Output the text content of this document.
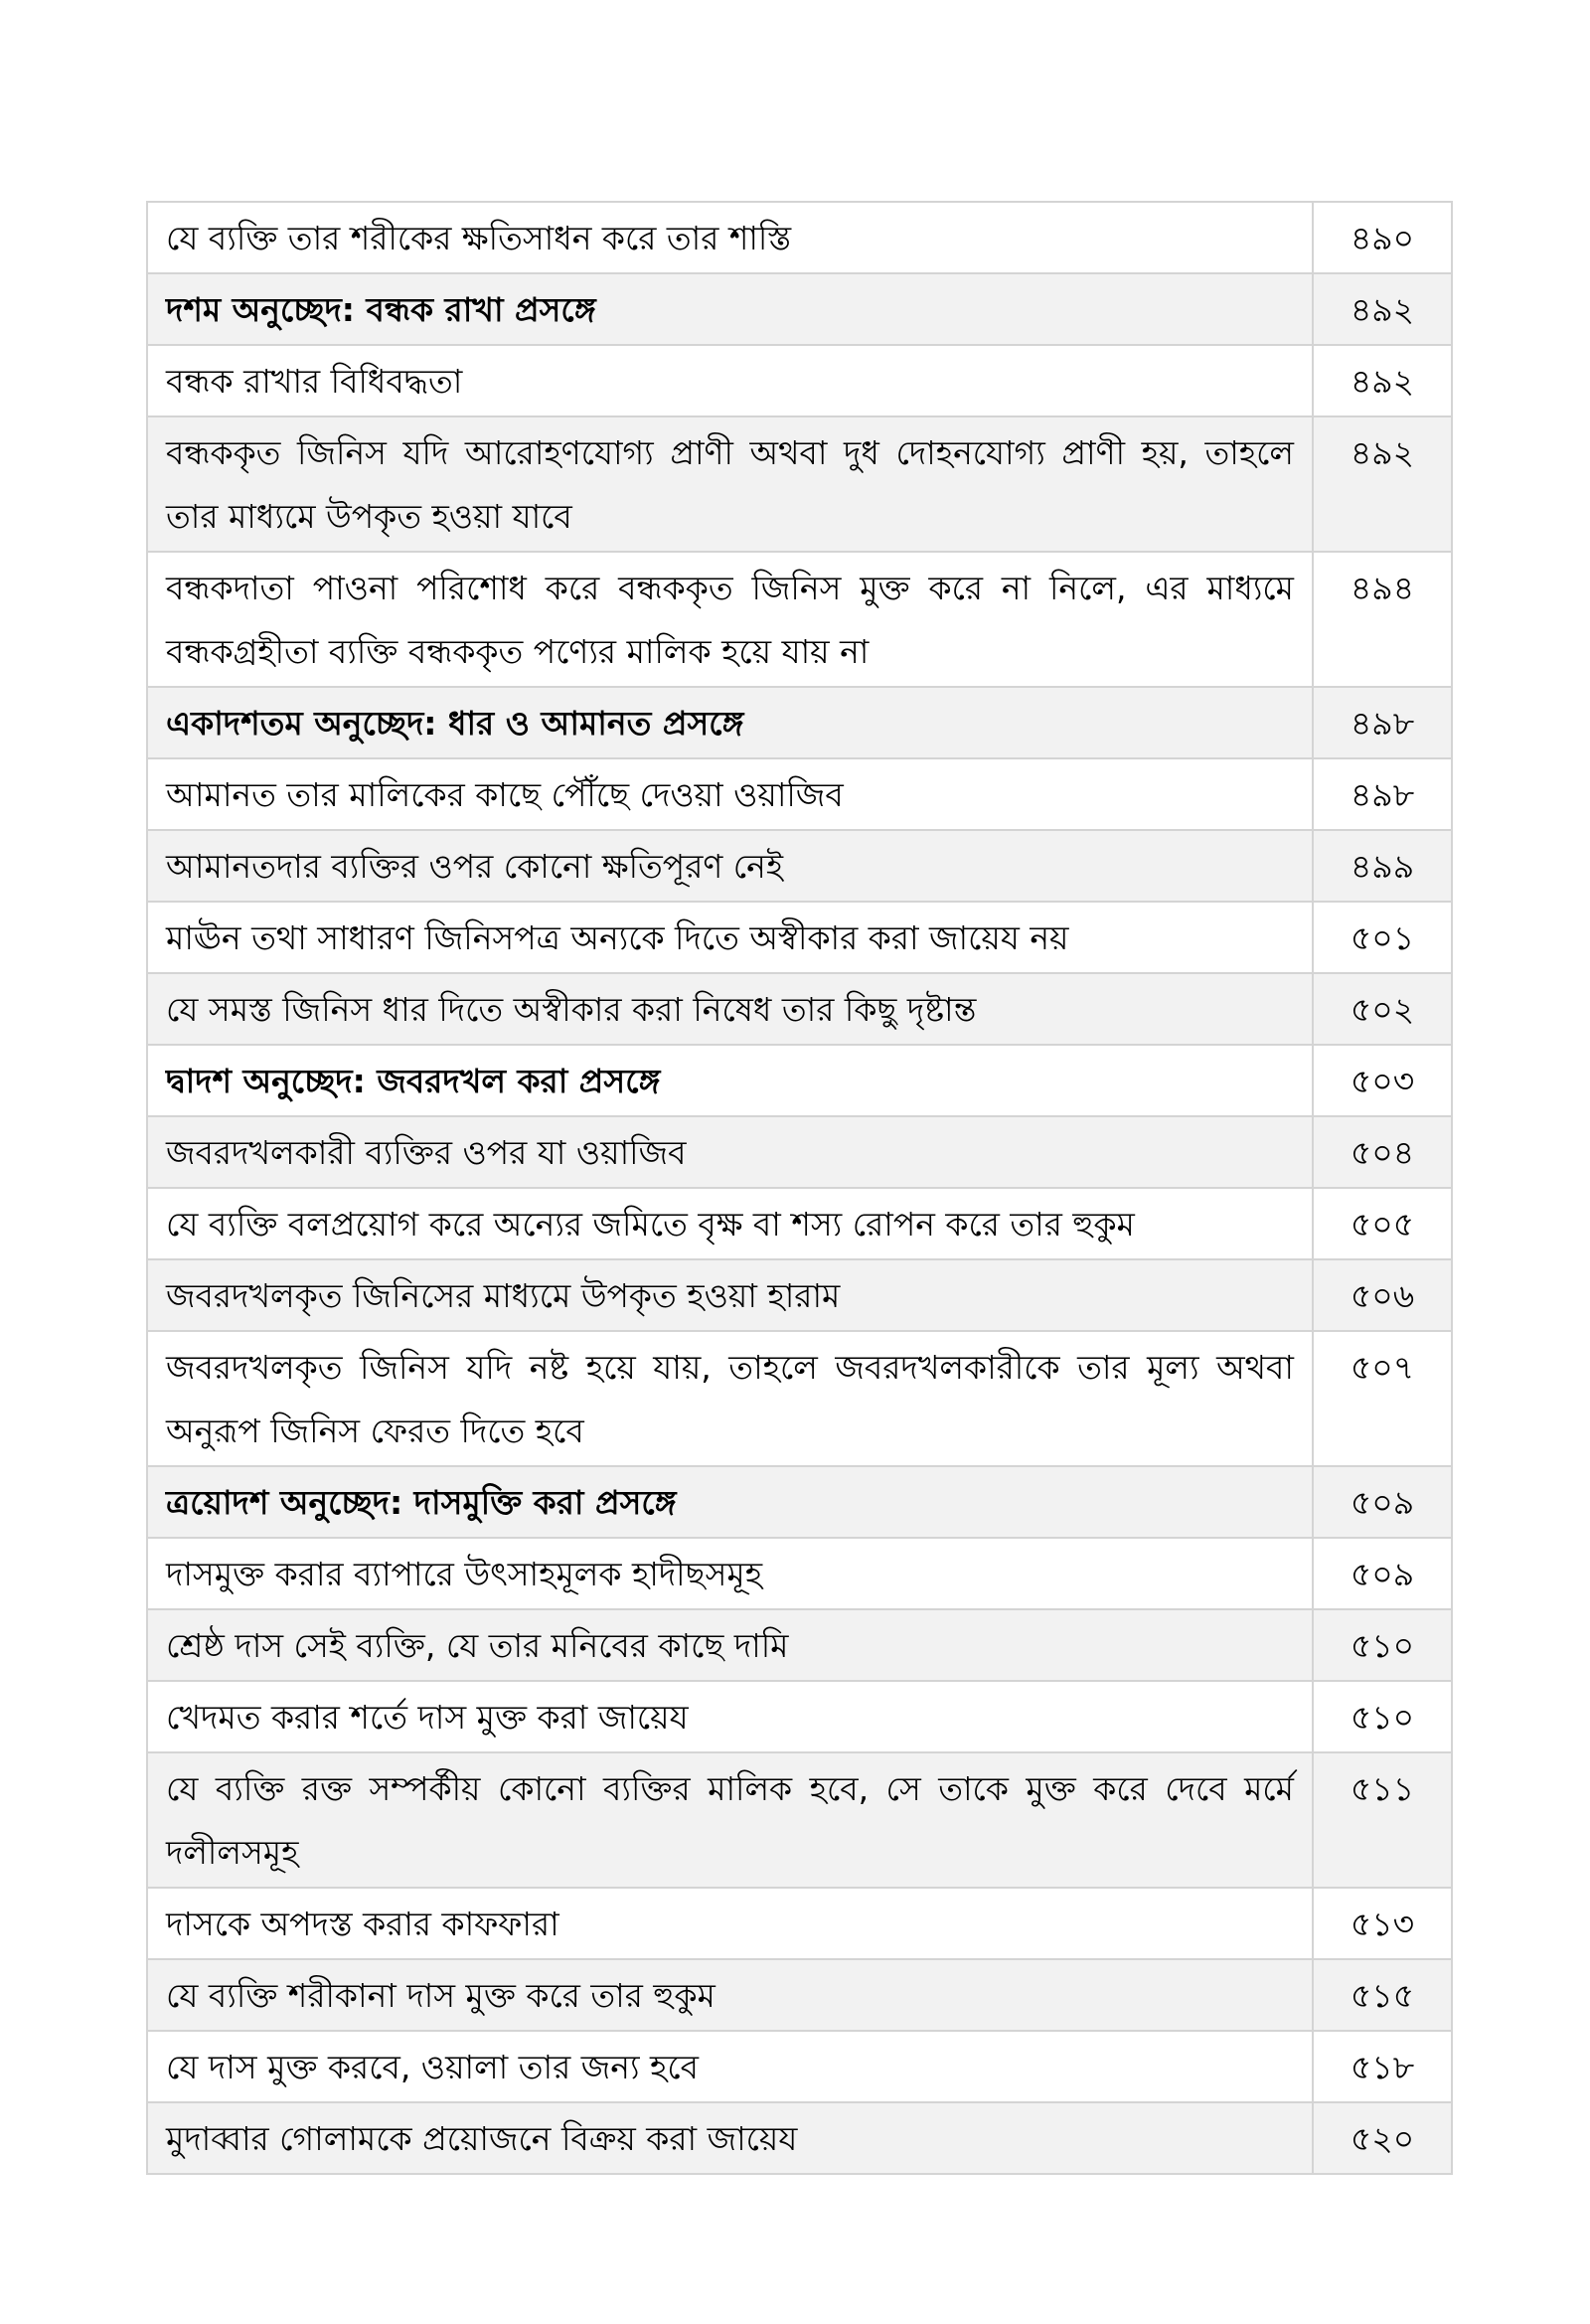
যে ব্যক্তি তার শরীকের ক্ষতিসাধন করে তার শাস্তি	৪৯০
দশম অনুচ্ছেদ: বন্ধক রাখা প্রসঙ্গে	৪৯২
বন্ধক রাখার বিধিবদ্ধতা	৪৯২
বন্ধককৃত জিনিস যদি আরোহণযোগ্য প্রাণী অথবা দুধ দোহনযোগ্য প্রাণী হয়, তাহলে তার মাধ্যমে উপকৃত হওয়া যাবে	৪৯২
বন্ধকদাতা পাওনা পরিশোধ করে বন্ধককৃত জিনিস মুক্ত করে না নিলে, এর মাধ্যমে বন্ধকগ্রহীতা ব্যক্তি বন্ধককৃত পণ্যের মালিক হয়ে যায় না	৪৯৪
একাদশতম অনুচ্ছেদ: ধার ও আমানত প্রসঙ্গে	৪৯৮
আমানত তার মালিকের কাছে পৌঁছে দেওয়া ওয়াজিব	৪৯৮
আমানতদার ব্যক্তির ওপর কোনো ক্ষতিপূরণ নেই	৪৯৯
মাঊন তথা সাধারণ জিনিসপত্র অন্যকে দিতে অস্বীকার করা জায়েয নয়	৫০১
যে সমস্ত জিনিস ধার দিতে অস্বীকার করা নিষেধ তার কিছু দৃষ্টান্ত	৫০২
দ্বাদশ অনুচ্ছেদ: জবরদখল করা প্রসঙ্গে	৫০৩
জবরদখলকারী ব্যক্তির ওপর যা ওয়াজিব	৫০৪
যে ব্যক্তি বলপ্রয়োগ করে অন্যের জমিতে বৃক্ষ বা শস্য রোপন করে তার হুকুম	৫০৫
জবরদখলকৃত জিনিসের মাধ্যমে উপকৃত হওয়া হারাম	৫০৬
জবরদখলকৃত জিনিস যদি নষ্ট হয়ে যায়, তাহলে জবরদখলকারীকে তার মূল্য অথবা অনুরূপ জিনিস ফেরত দিতে হবে	৫০৭
ত্রয়োদশ অনুচ্ছেদ: দাসমুক্তি করা প্রসঙ্গে	৫০৯
দাসমুক্ত করার ব্যাপারে উৎসাহমূলক হাদীছসমূহ	৫০৯
শ্রেষ্ঠ দাস সেই ব্যক্তি, যে তার মনিবের কাছে দামি	৫১০
খেদমত করার শর্তে দাস মুক্ত করা জায়েয	৫১০
যে ব্যক্তি রক্ত সম্পর্কীয় কোনো ব্যক্তির মালিক হবে, সে তাকে মুক্ত করে দেবে মর্মে দলীলসমূহ	৫১১
দাসকে অপদস্ত করার কাফফারা	৫১৩
যে ব্যক্তি শরীকানা দাস মুক্ত করে তার হুকুম	৫১৫
যে দাস মুক্ত করবে, ওয়ালা তার জন্য হবে	৫১৮
মুদাব্বার গোলামকে প্রয়োজনে বিক্রয় করা জায়েয	৫২০
